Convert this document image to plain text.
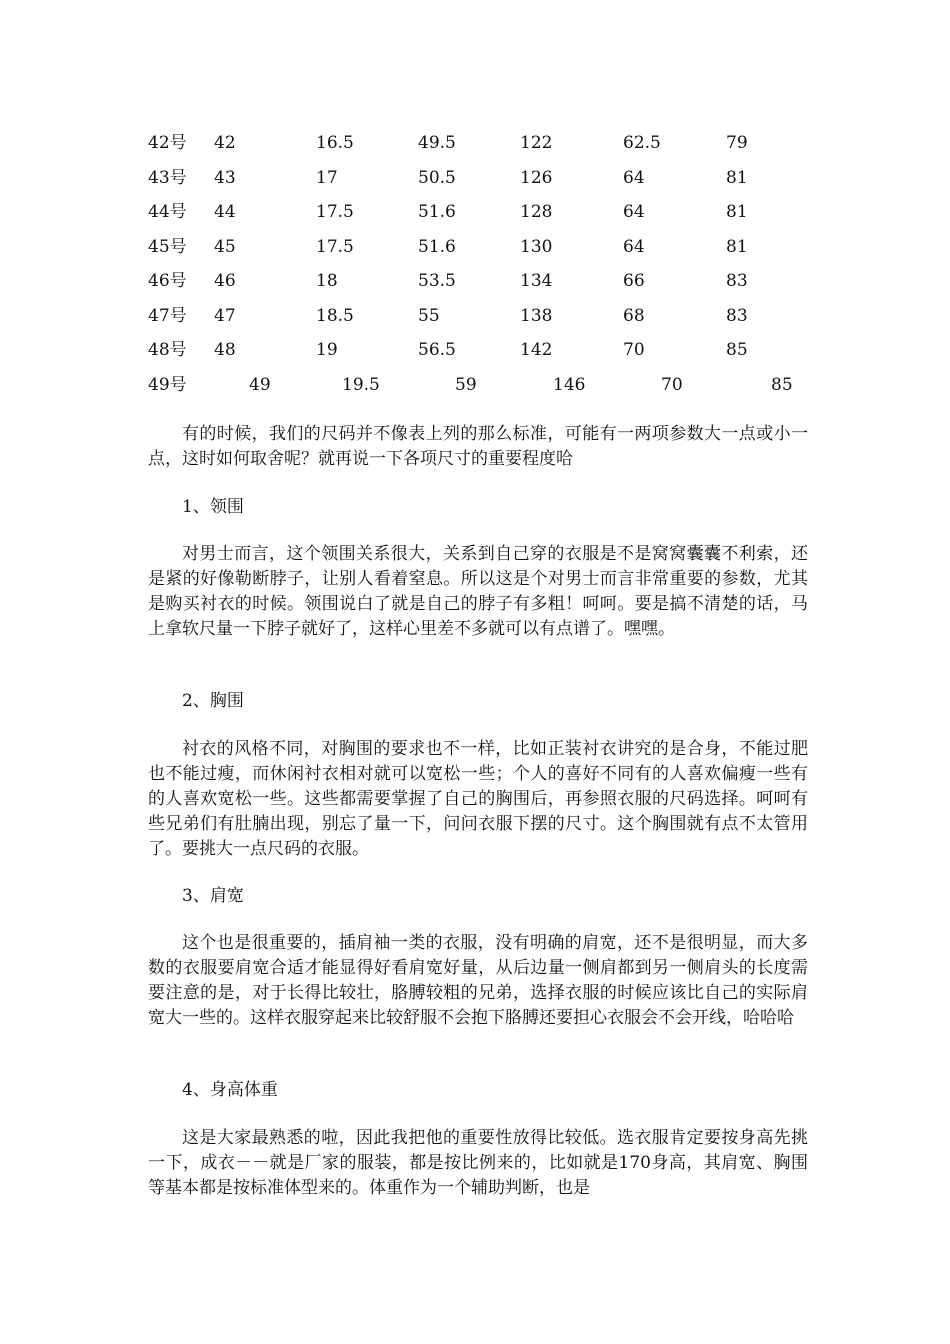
42号 42	16.5	49.5	122	62.5	79
43号 43	17	50.5	126	64	81
44号 44	17.5	51.6	128	64	81
45号 45	17.5	51.6	130	64	81
46号 46	18	53.5	134	66	83
47号 47	18.5	55	138	68	83
48号 48	19	56.5	142	70	85
49号	49	19.5	59	146	70	85

有的时候，我们的尺码并不像表上列的那么标准，可能有一两项参数大一点或小一点，这时如何取舍呢？就再说一下各项尺寸的重要程度哈

1、领围

对男士而言，这个领围关系很大，关系到自己穿的衣服是不是窝窝囊囊不利索，还是紧的好像勒断脖子，让别人看着窒息。所以这是个对男士而言非常重要的参数，尤其是购买衬衣的时候。领围说白了就是自己的脖子有多粗！呵呵。要是搞不清楚的话，马上拿软尺量一下脖子就好了，这样心里差不多就可以有点谱了。嘿嘿。

2、胸围

衬衣的风格不同，对胸围的要求也不一样，比如正装衬衣讲究的是合身，不能过肥也不能过瘦，而休闲衬衣相对就可以宽松一些；个人的喜好不同有的人喜欢偏瘦一些有的人喜欢宽松一些。这些都需要掌握了自己的胸围后，再参照衣服的尺码选择。呵呵有些兄弟们有肚腩出现，别忘了量一下，问问衣服下摆的尺寸。这个胸围就有点不太管用了。要挑大一点尺码的衣服。

3、肩宽

这个也是很重要的，插肩袖一类的衣服，没有明确的肩宽，还不是很明显，而大多数的衣服要肩宽合适才能显得好看肩宽好量，从后边量一侧肩都到另一侧肩头的长度需要注意的是，对于长得比较壮，胳膊较粗的兄弟，选择衣服的时候应该比自己的实际肩宽大一些的。这样衣服穿起来比较舒服不会抱下胳膊还要担心衣服会不会开线，哈哈哈

4、身高体重

这是大家最熟悉的啦，因此我把他的重要性放得比较低。选衣服肯定要按身高先挑一下，成衣－－就是厂家的服装，都是按比例来的，比如就是170身高，其肩宽、胸围等基本都是按标准体型来的。体重作为一个辅助判断，也是
